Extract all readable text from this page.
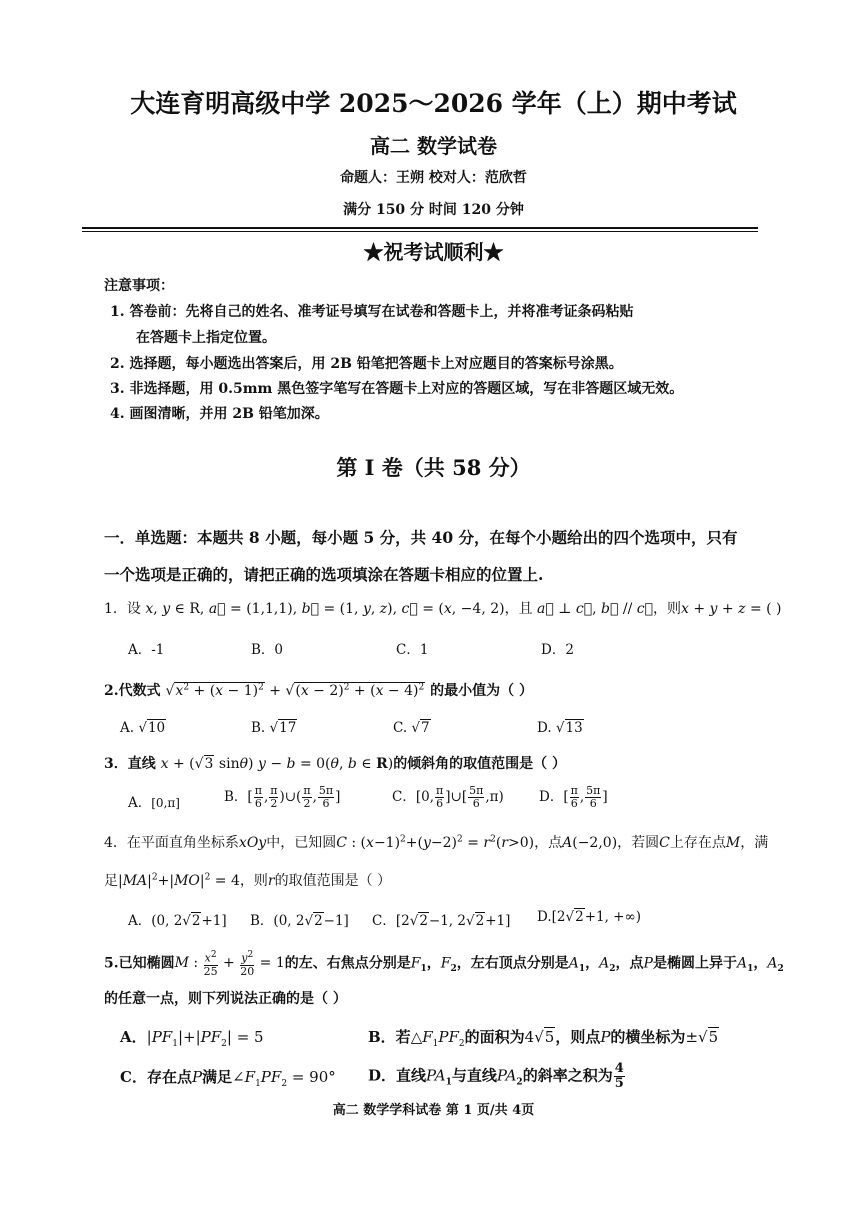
大连育明高级中学 2025～2026 学年（上）期中考试
高二 数学试卷
命题人：王朔 校对人：范欣哲
满分 150 分 时间 120 分钟
★祝考试顺利★
注意事项：
1. 答卷前：先将自己的姓名、准考证号填写在试卷和答题卡上，并将准考证条码粘贴
在答题卡上指定位置。
2. 选择题，每小题选出答案后，用 2B 铅笔把答题卡上对应题目的答案标号涂黑。
3. 非选择题，用 0.5mm 黑色签字笔写在答题卡上对应的答题区域，写在非答题区域无效。
4. 画图清晰，并用 2B 铅笔加深。
第 I 卷（共 58 分）
一．单选题：本题共 8 小题，每小题 5 分，共 40 分，在每个小题给出的四个选项中，只有
一个选项是正确的，请把正确的选项填涂在答题卡相应的位置上.
1．设 x, y ∈ R, a⃗ = (1,1,1), b⃗ = (1, y, z), c⃗ = (x, −4, 2)，且 a⃗ ⊥ c⃗, b⃗ // c⃗，则x + y + z = ( )
A．-1	B．0	C．1	D．2
2.代数式 $√x^2 + (x - 1)^2 + √(x - 2)^2 + (x - 4)^2$ 的最小值为（ ）
A. √10	B. √17	C. √7	D. √13
3．直线 x + (√3 sinθ) y − b = 0(θ, b ∈ R)的倾斜角的取值范围是（ ）
A．[0,π]	B．[ $\frac{\pi}{6}$ , $\frac{\pi}{2}$ )∪( $\frac{\pi}{2}$ , $\frac{5\pi}{6}$ ]	C．[0, $\frac{\pi}{6}$ ]∪[ $\frac{5\pi}{6} ,\pi$)	D．[ $\frac{\pi}{6}$ , $\frac{5\pi}{6}$ ]
4．在平面直角坐标系xOy中，已知圆C : $(x-1)^2+(y-2)^2 = r^2(r>0)$，点A(−2,0)，若圆C上存在点M，满
足$|MA|^2+|MO|^2 = 4$，则r的取值范围是（ ）
A．(0, 2√2+1] B．(0, 2√2−1] C．[2√2−1, 2√2+1] D.[2√2+1, +∞)
5.已知椭圆M : $\frac{x^2}{25} + \frac{y^2}{20} = 1$的左、右焦点分别是$F_1$，$F_2$，左右顶点分别是$A_1$，$A_2$，点P是椭圆上异于$A_1$，$A_2$
的任意一点，则下列说法正确的是（ ）
A．$|PF_1|+|PF_2| = 5$	B．若$\triangle F_1PF_2$的面积为4√5，则点P的横坐标为±√5
C．存在点P满足$\angle F_1PF_2 = 90^\circ$ D．直线$PA_1$与直线$PA_2$的斜率之积为 $\frac{4}{5}$
高二 数学学科试卷 第 1 页/共 4页
